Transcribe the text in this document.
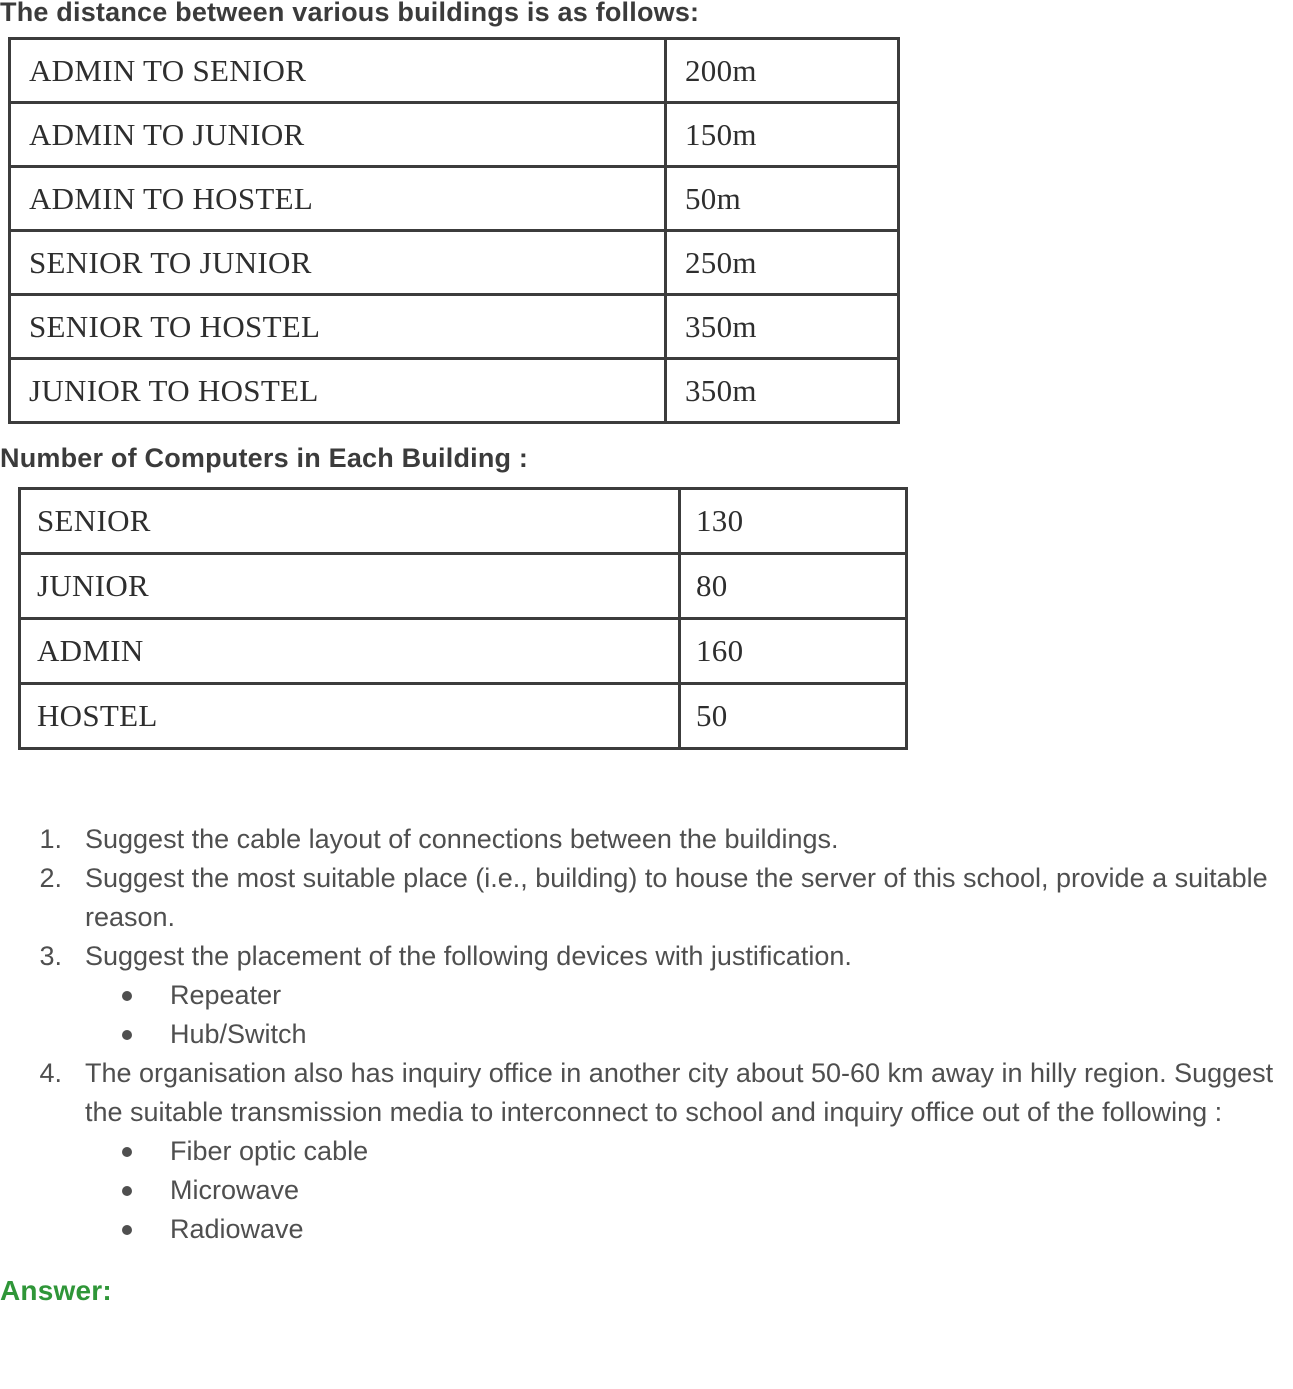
The distance between various buildings is as follows:
ADMIN TO SENIOR	200m
ADMIN TO JUNIOR	150m
ADMIN TO HOSTEL	50m
SENIOR TO JUNIOR	250m
SENIOR TO HOSTEL	350m
JUNIOR TO HOSTEL	350m
Number of Computers in Each Building :
SENIOR	130
JUNIOR	80
ADMIN	160
HOSTEL	50
1. Suggest the cable layout of connections between the buildings.
2. Suggest the most suitable place (i.e., building) to house the server of this school, provide a suitable reason.
3. Suggest the placement of the following devices with justification.
Repeater
Hub/Switch
4. The organisation also has inquiry office in another city about 50-60 km away in hilly region. Suggest the suitable transmission media to interconnect to school and inquiry office out of the following :
Fiber optic cable
Microwave
Radiowave
Answer:
